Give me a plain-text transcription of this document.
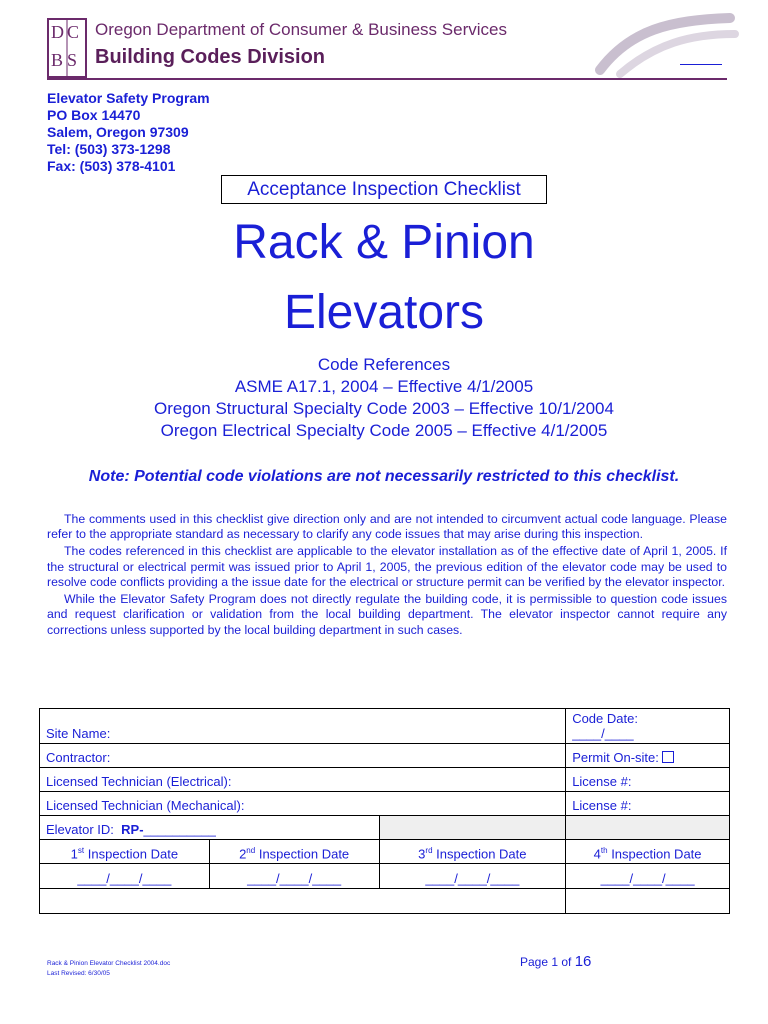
D C
B S
Oregon Department of Consumer & Business Services
Building Codes Division
Elevator Safety Program
PO Box 14470
Salem, Oregon 97309
Tel: (503) 373-1298
Fax: (503) 378-4101
Acceptance Inspection Checklist
Rack & Pinion
Elevators
Code References
ASME A17.1, 2004 – Effective 4/1/2005
Oregon Structural Specialty Code 2003 – Effective 10/1/2004
Oregon Electrical Specialty Code 2005 – Effective 4/1/2005
Note: Potential code violations are not necessarily restricted to this checklist.

The comments used in this checklist give direction only and are not intended to circumvent actual code language. Please refer to the appropriate standard as necessary to clarify any code issues that may arise during this inspection.

The codes referenced in this checklist are applicable to the elevator installation as of the effective date of April 1, 2005. If the structural or electrical permit was issued prior to April 1, 2005, the previous edition of the elevator code may be used to resolve code conflicts providing a the issue date for the electrical or structure permit can be verified by the elevator inspector.

While the Elevator Safety Program does not directly regulate the building code, it is permissible to question code issues and request clarification or validation from the local building department. The elevator inspector cannot require any corrections unless supported by the local building department in such cases.

Site Name:			Code Date:
____/____

Contractor:			Permit On-site:
Licensed Technician (Electrical):			License #:
Licensed Technician (Mechanical):			License #:
Elevator ID: RP-__________			
1st Inspection Date	2nd Inspection Date	3rd Inspection Date	4th Inspection Date
____/____/____	____/____/____	____/____/____	____/____/____

Rack & Pinion Elevator Checklist 2004.doc
Last Revised: 6/30/05
Page 1 of 16
